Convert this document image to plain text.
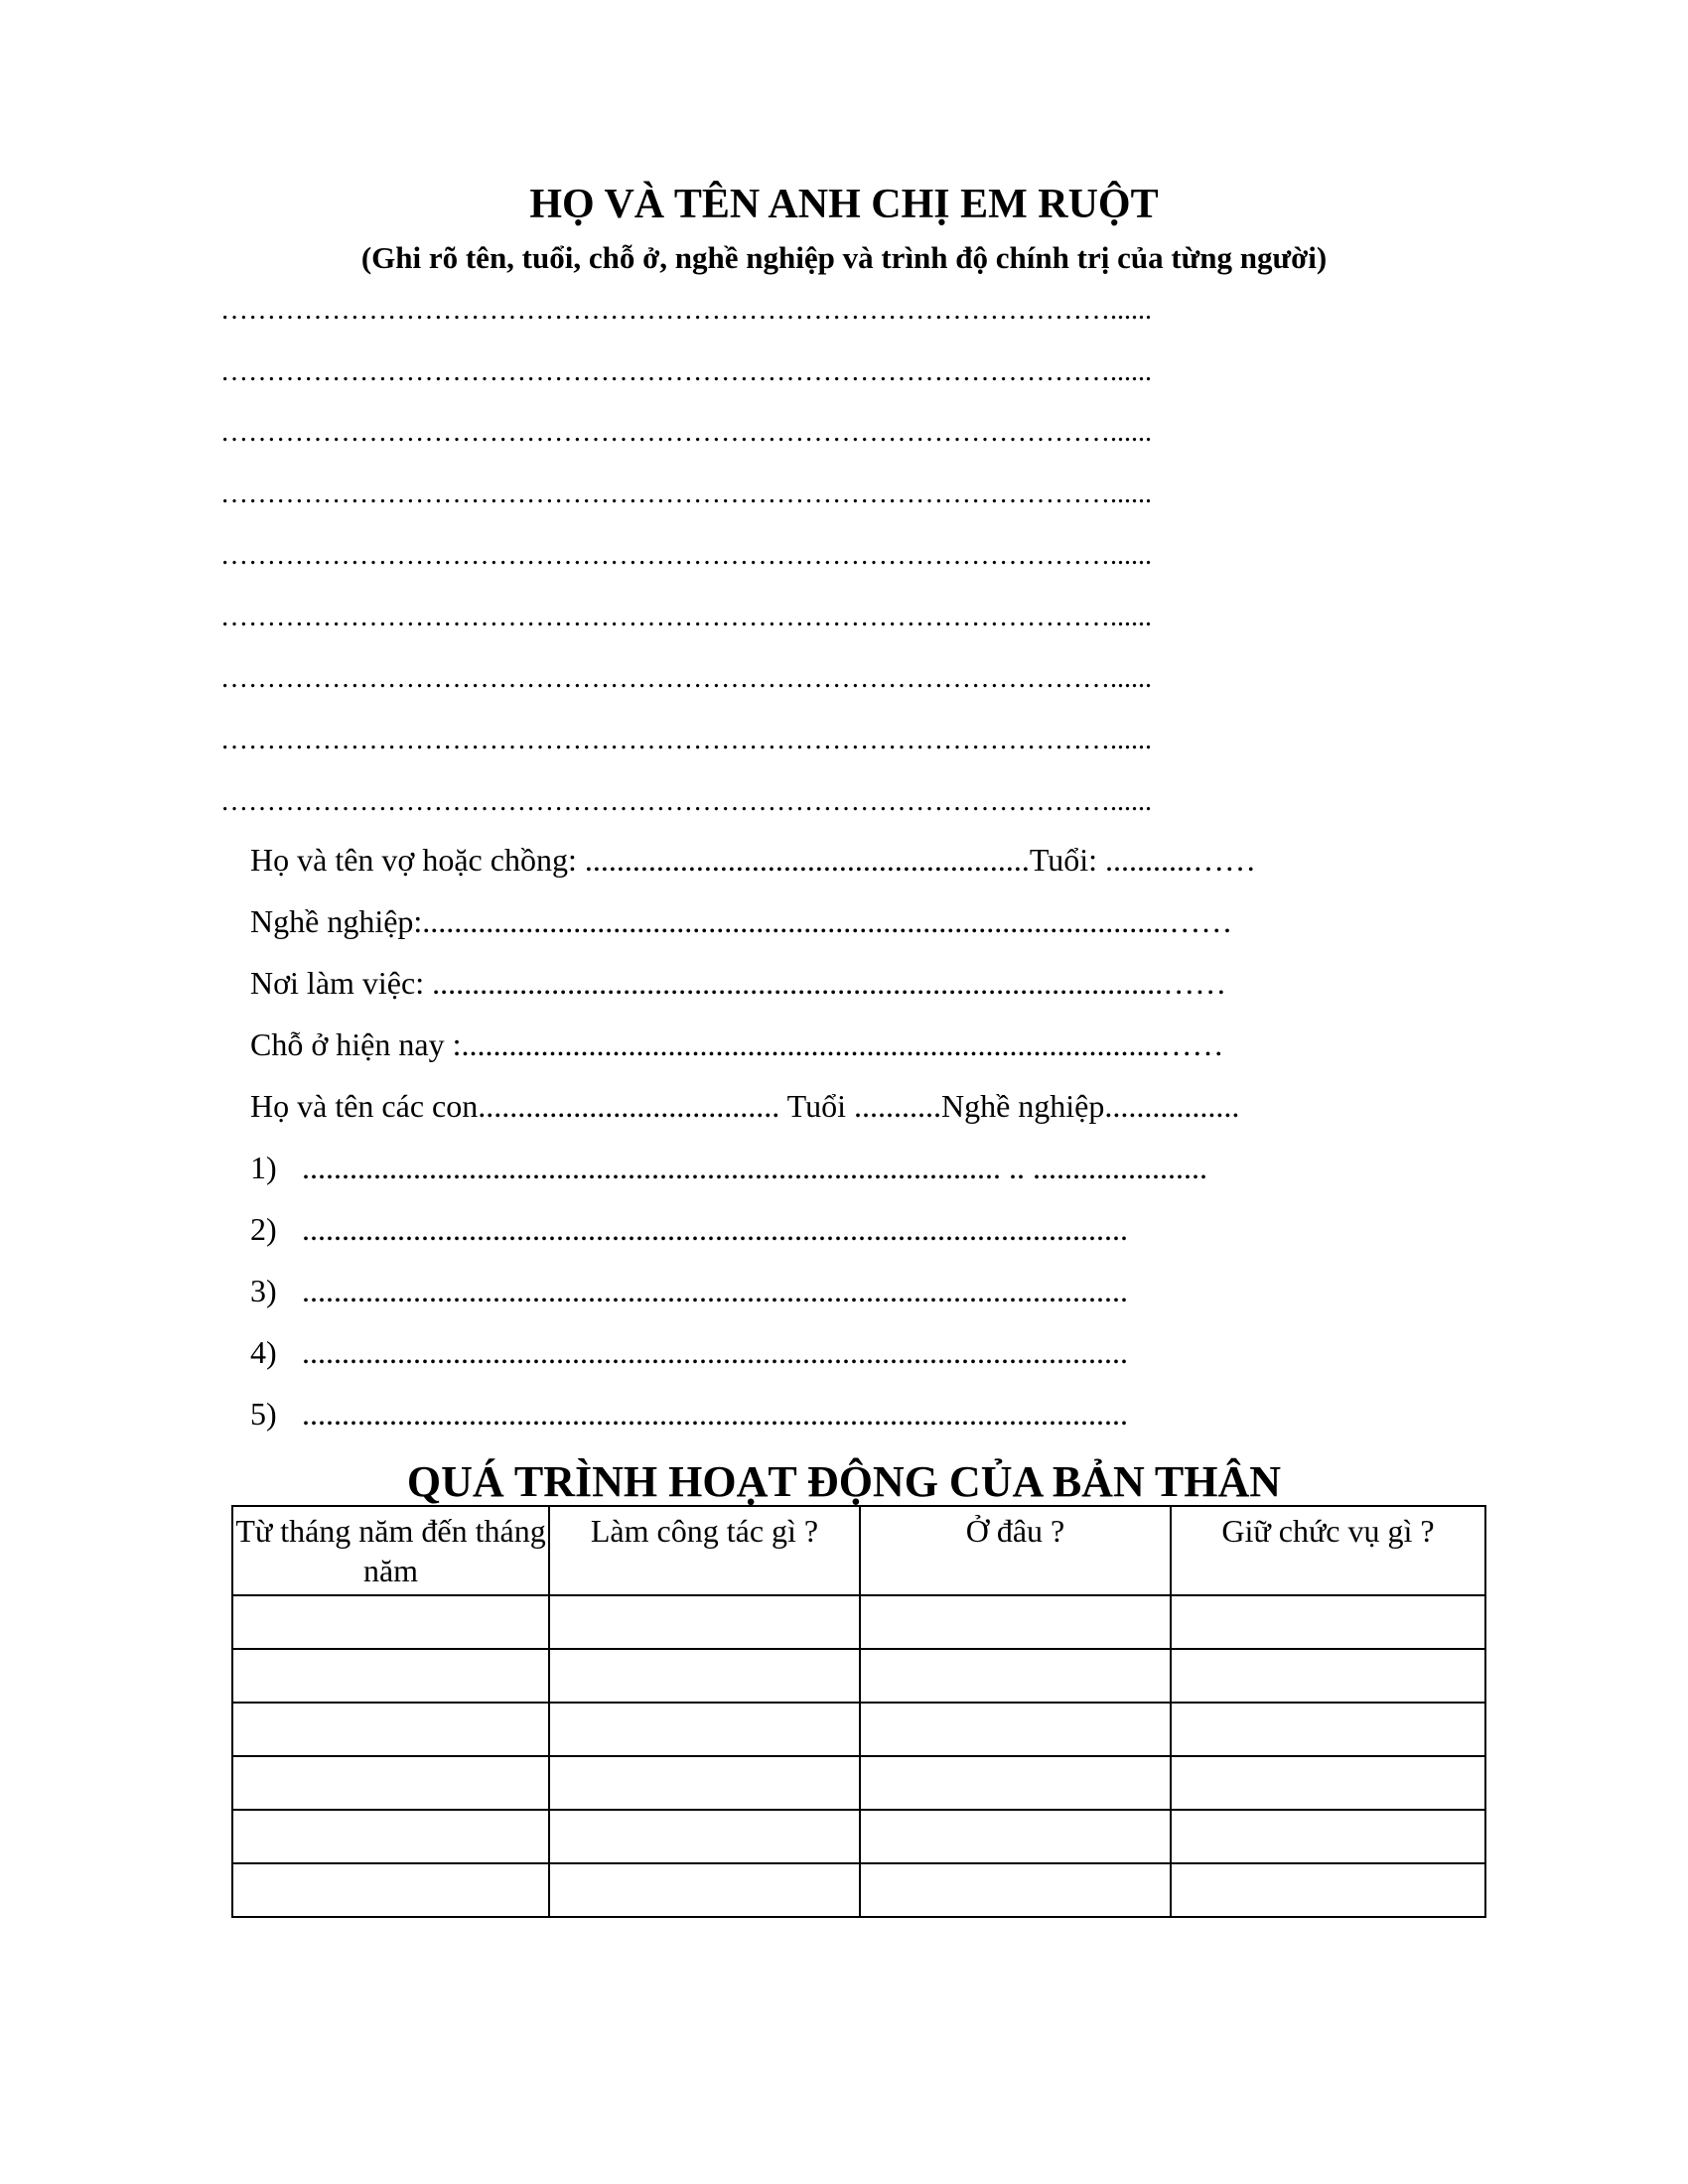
HỌ VÀ TÊN ANH CHỊ EM RUỘT
(Ghi rõ tên, tuổi, chỗ ở, nghề nghiệp và trình độ chính trị của từng người)
……………………………………………………………………………………......
……………………………………………………………………………………......
……………………………………………………………………………………......
……………………………………………………………………………………......
……………………………………………………………………………………......
……………………………………………………………………………………......
……………………………………………………………………………………......
……………………………………………………………………………………......
……………………………………………………………………………………......
Họ và tên vợ hoặc chồng: ........................................................Tuổi: ...........……
Nghề nghiệp:..............................................................................................……
Nơi làm việc: ............................................................................................……
Chỗ ở hiện nay :........................................................................................……
Họ và tên các con...................................... Tuổi ...........Nghề nghiệp.................
1) ........................................................................................ .. ......................
2) ........................................................................................................
3) ........................................................................................................
4) ........................................................................................................
5) ........................................................................................................
QUÁ TRÌNH HOẠT ĐỘNG CỦA BẢN THÂN
Từ tháng năm đến tháng năm	Làm công tác gì ?	Ở đâu ?	Giữ chức vụ gì ?
